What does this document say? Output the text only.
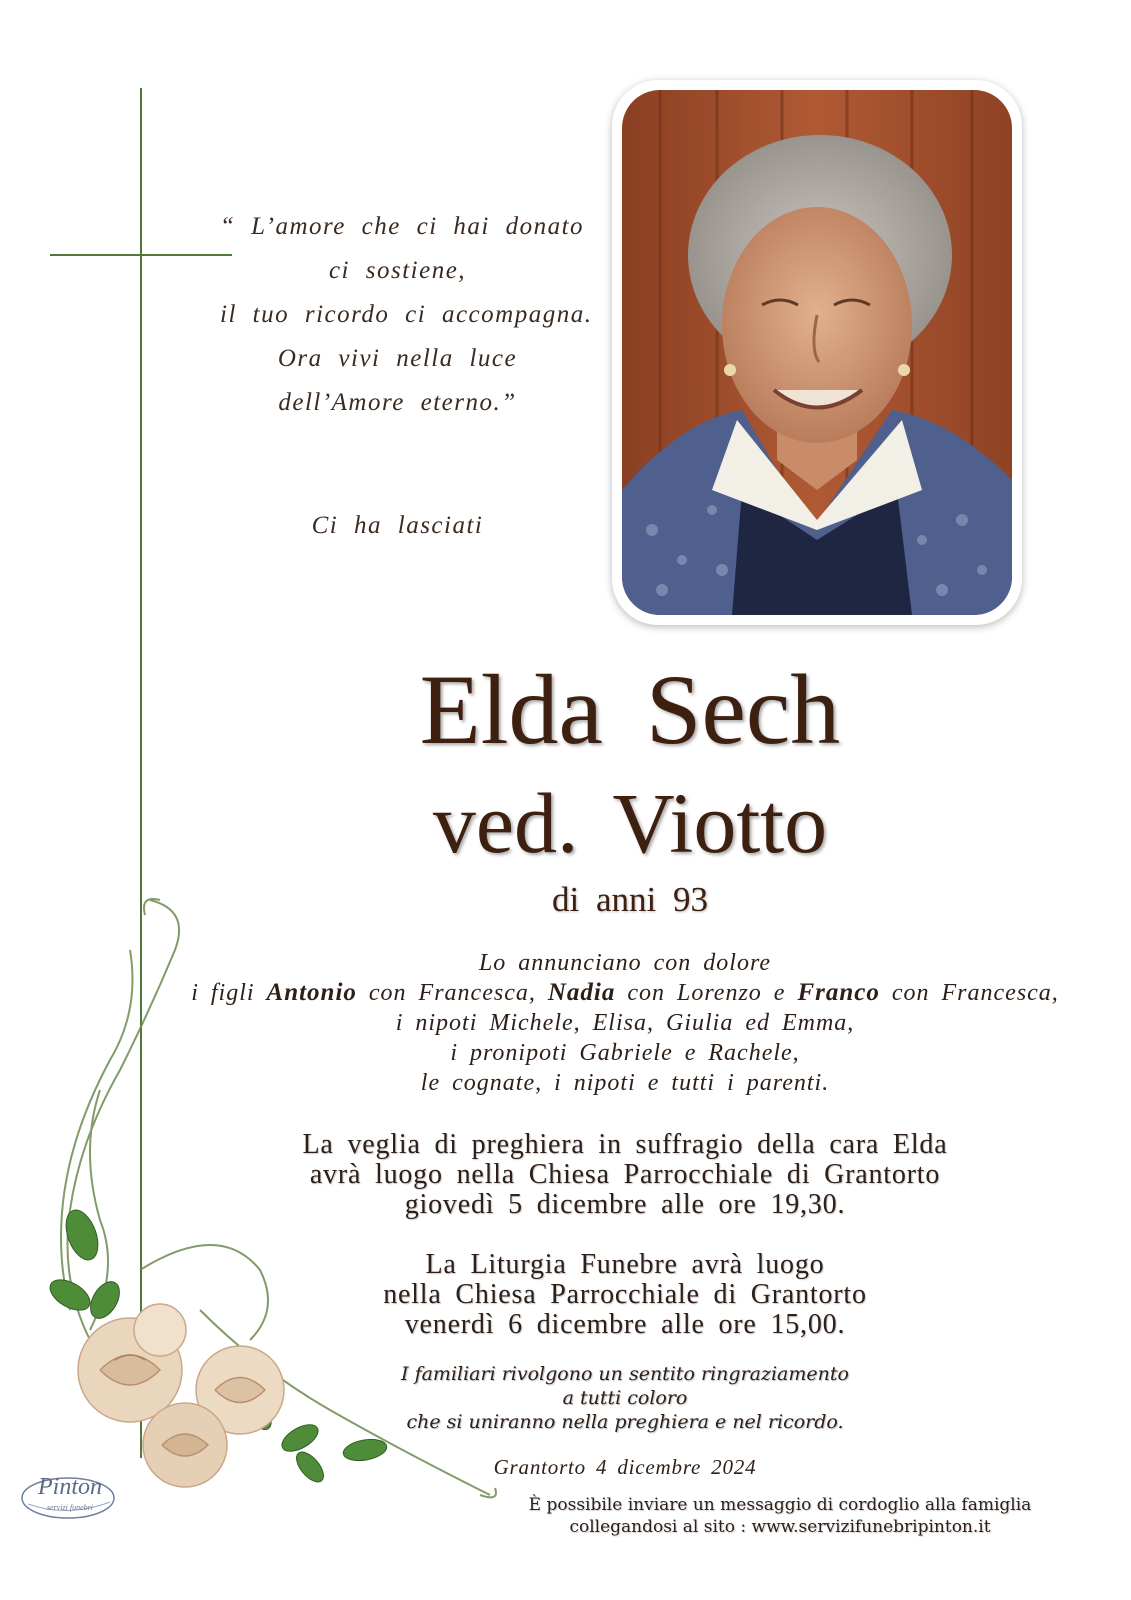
“ L’amore che ci hai donato
ci sostiene,
il tuo ricordo ci accompagna.
Ora vivi nella luce
dell’Amore eterno.”
Ci ha lasciati
Elda Sech
ved. Viotto
di anni 93
Lo annunciano con dolore
i figli Antonio con Francesca, Nadia con Lorenzo e Franco con Francesca,
i nipoti Michele, Elisa, Giulia ed Emma,
i pronipoti Gabriele e Rachele,
le cognate, i nipoti e tutti i parenti.
La veglia di preghiera in suffragio della cara Elda
avrà luogo nella Chiesa Parrocchiale di Grantorto
giovedì 5 dicembre alle ore 19,30.
La Liturgia Funebre avrà luogo
nella Chiesa Parrocchiale di Grantorto
venerdì 6 dicembre alle ore 15,00.
I familiari rivolgono un sentito ringraziamento
a tutti coloro
che si uniranno nella preghiera e nel ricordo.
Grantorto 4 dicembre 2024
È possibile inviare un messaggio di cordoglio alla famiglia
collegandosi al sito : www.servizifunebripinton.it
Pinton
servizi funebri
